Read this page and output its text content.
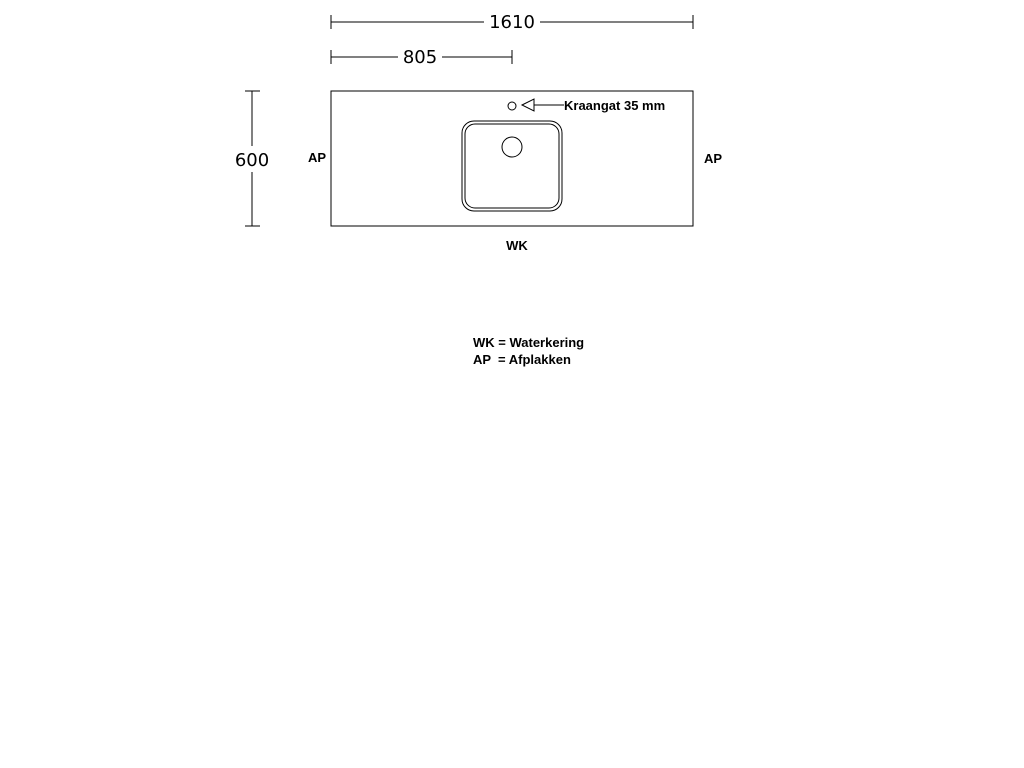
1610
805
600
Kraangat 35 mm
AP	AP
WK
WK = Waterkering
AP  = Afplakken
